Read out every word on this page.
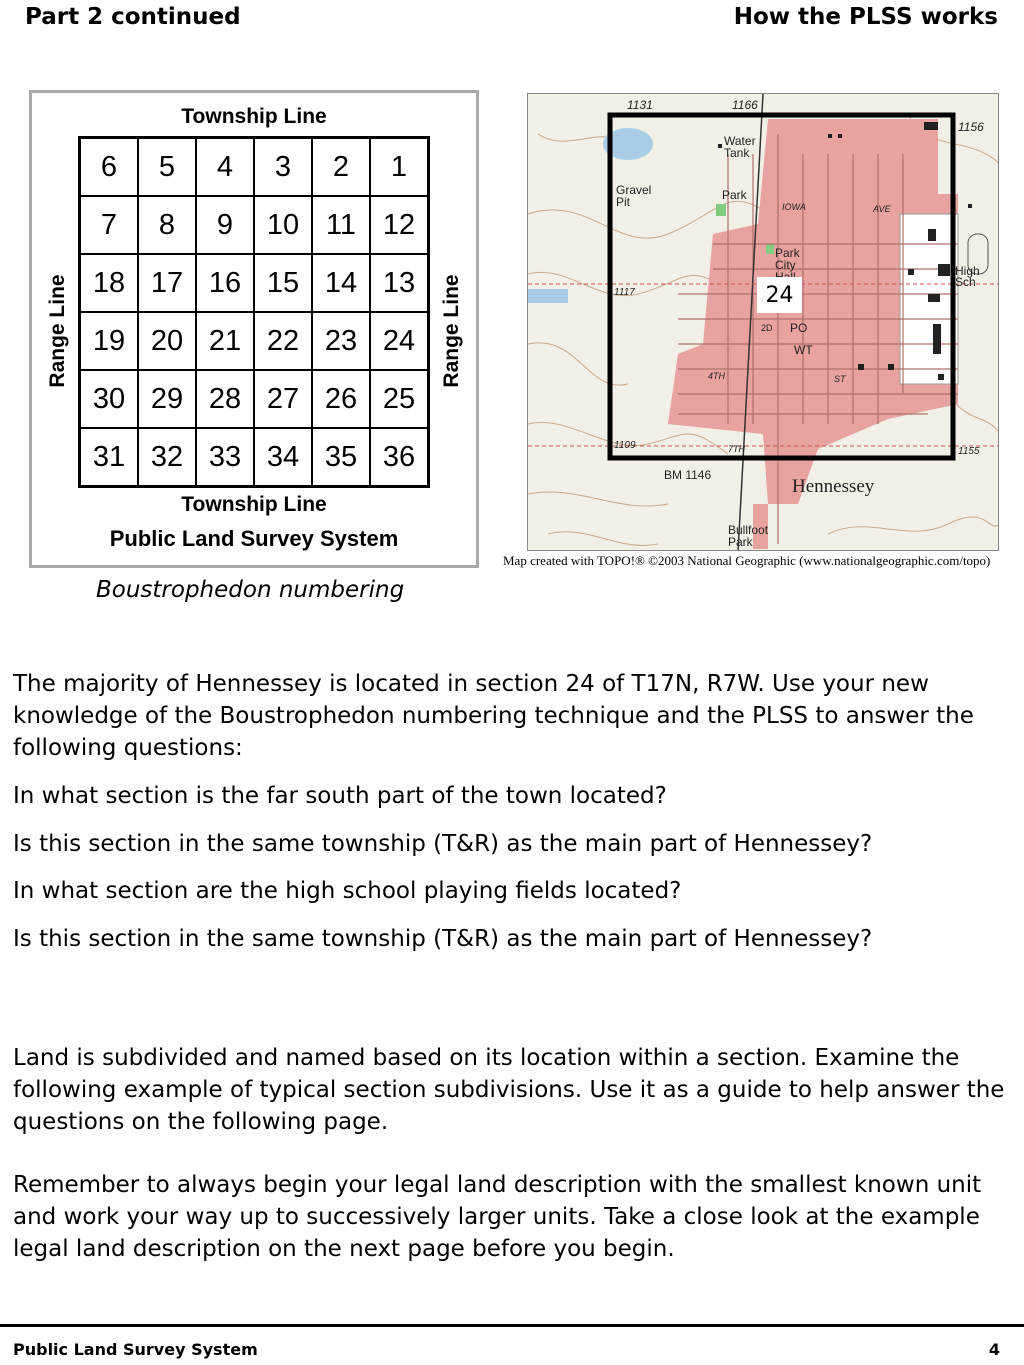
Part 2 continued	How the PLSS works
Township Line
Range Line	Range Line
6	5	4	3	2	1
7	8	9	10 11 12
18 17 16 15 14 13
19 20 21 22 23 24
30 29 28 27 26 25
31 32 33 34 35 36
Township Line
Public Land Survey System
Boustrophedon numbering
1131	1166
1156
Water Tank
Gravel Pit	Park
IOWA	AVE
Park City	High Sch
1117
2D PO
WT
4TH	ST
1109	7TH	1155
BM 1146
Hennessey
Bullfoot Park
24
Map created with TOPO!® ©2003 National Geographic (www.nationalgeographic.com/topo)
The majority of Hennessey is located in section 24 of T17N, R7W. Use your new knowledge of the Boustrophedon numbering technique and the PLSS to answer the following questions:
In what section is the far south part of the town located?
Is this section in the same township (T&R) as the main part of Hennessey?
In what section are the high school playing fields located?
Is this section in the same township (T&R) as the main part of Hennessey?
Land is subdivided and named based on its location within a section. Examine the following example of typical section subdivisions. Use it as a guide to help answer the questions on the following page.
Remember to always begin your legal land description with the smallest known unit and work your way up to successively larger units. Take a close look at the example legal land description on the next page before you begin.
Public Land Survey System	4
